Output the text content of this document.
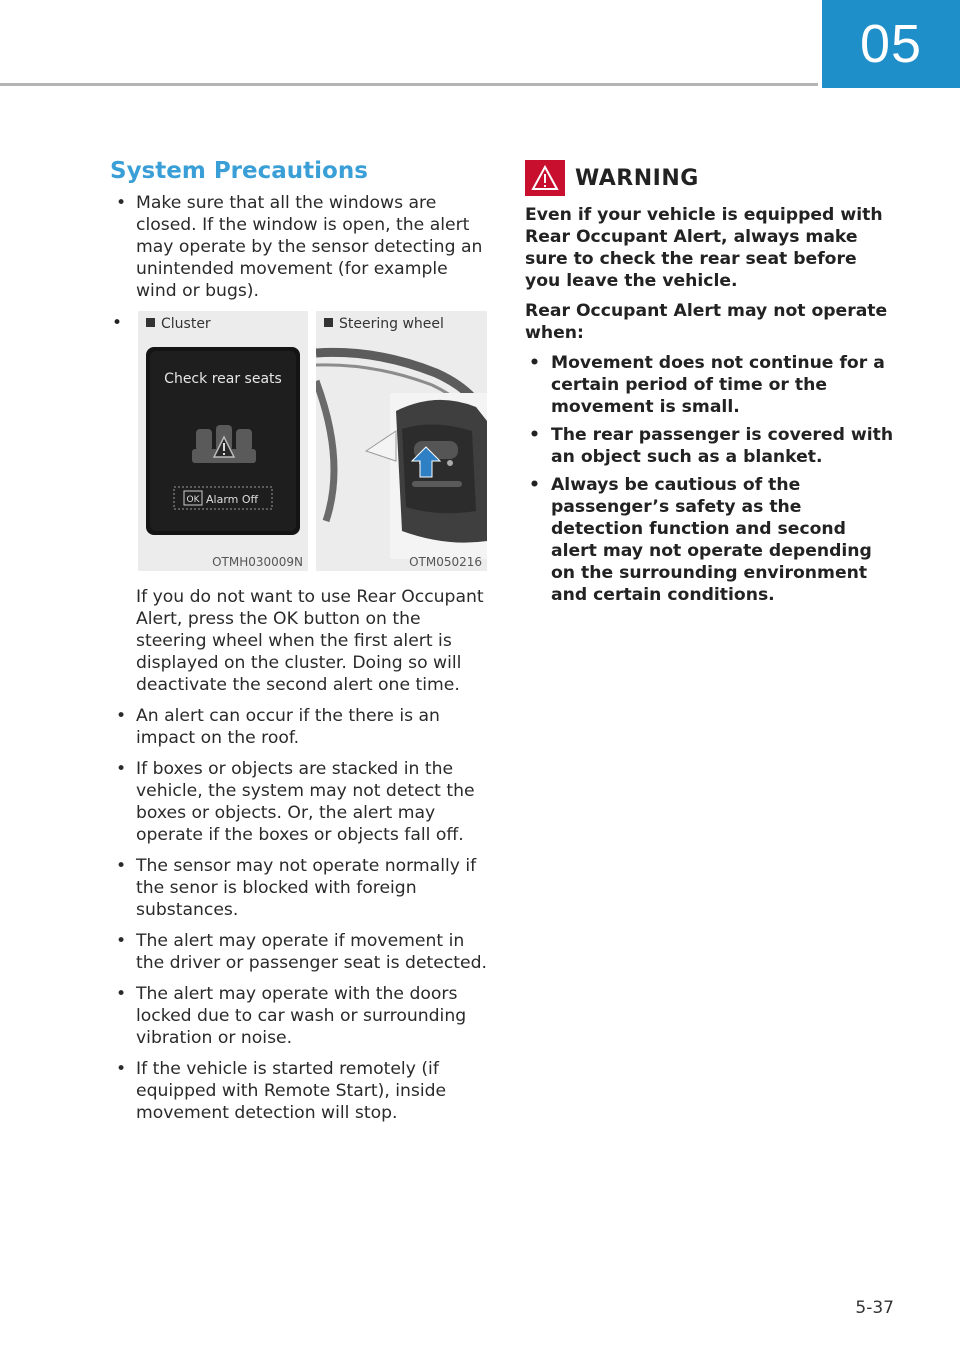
05
System Precautions
• Make sure that all the windows are closed. If the window is open, the alert may operate by the sensor detecting an unintended movement (for example wind or bugs).
•
Check rear seats
OK Alarm Off
Cluster
OTMH030009N
Steering wheel
OTM050216

If you do not want to use Rear Occupant Alert, press the OK button on the steering wheel when the first alert is displayed on the cluster. Doing so will deactivate the second alert one time.

• An alert can occur if the there is an impact on the roof.
• If boxes or objects are stacked in the vehicle, the system may not detect the boxes or objects. Or, the alert may operate if the boxes or objects fall off.
• The sensor may not operate normally if the senor is blocked with foreign substances.
• The alert may operate if movement in the driver or passenger seat is detected.
• The alert may operate with the doors locked due to car wash or surrounding vibration or noise.
• If the vehicle is started remotely (if equipped with Remote Start), inside movement detection will stop.
WARNING

Even if your vehicle is equipped with Rear Occupant Alert, always make sure to check the rear seat before you leave the vehicle.

Rear Occupant Alert may not operate when:

• Movement does not continue for a certain period of time or the movement is small.
• The rear passenger is covered with an object such as a blanket.
• Always be cautious of the passenger’s safety as the detection function and second alert may not operate depending on the surrounding environment and certain conditions.
5-37
